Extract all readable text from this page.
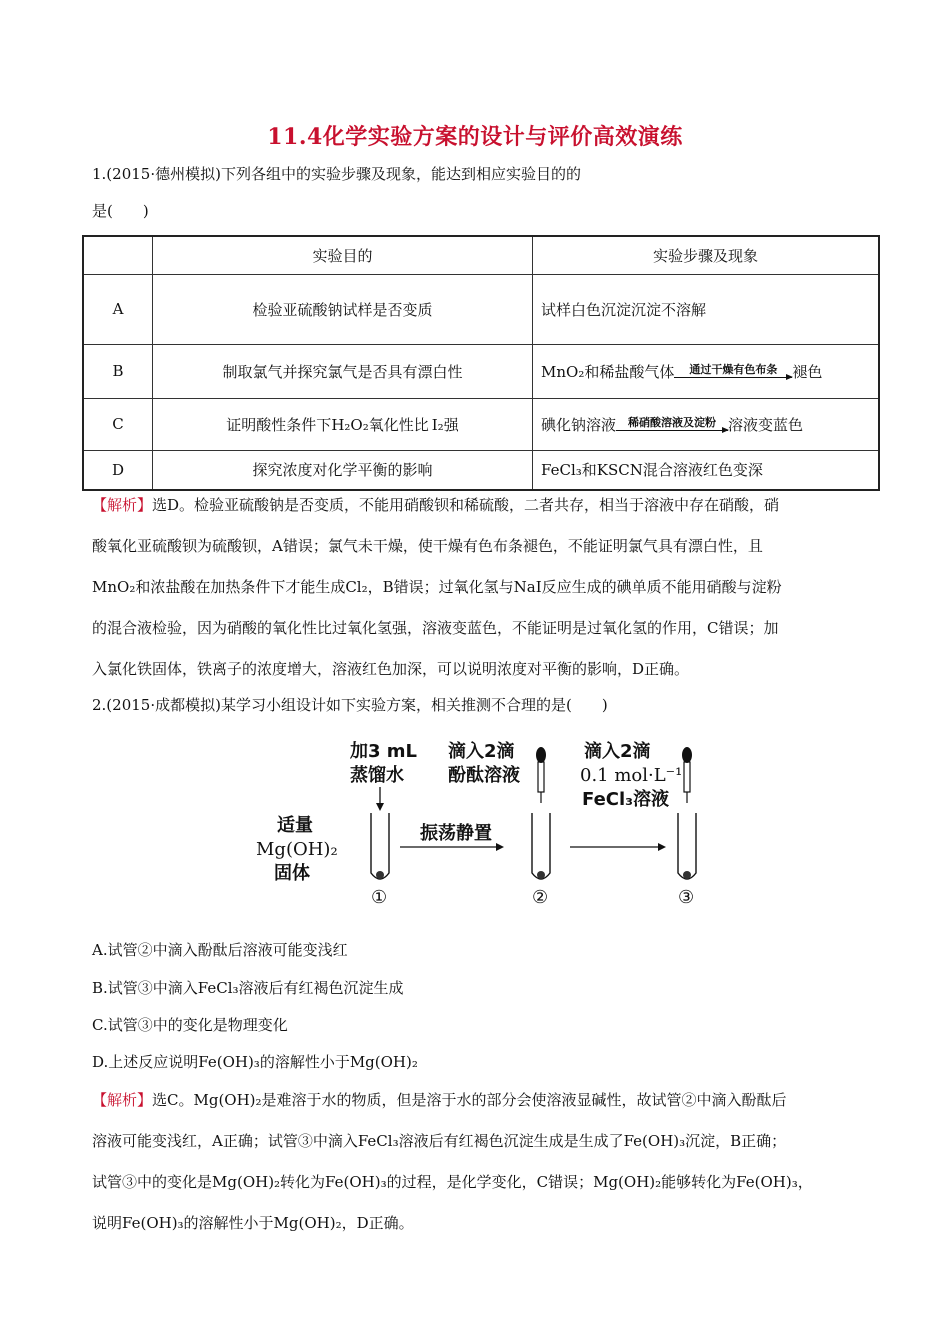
11.4化学实验方案的设计与评价高效演练
1.(2015·德州模拟)下列各组中的实验步骤及现象，能达到相应实验目的的
是(　　)
	实验目的	实验步骤及现象
A	检验亚硫酸钠试样是否变质	试样白色沉淀沉淀不溶解
B	制取氯气并探究氯气是否具有漂白性	MnO₂和稀盐酸气体 通过干燥有色布条 褪色
C	证明酸性条件下H₂O₂氧化性比 I₂强	碘化钠溶液 稀硝酸溶液及淀粉 溶液变蓝色
D	探究浓度对化学平衡的影响	FeCl₃和KSCN混合溶液红色变深
【解析】选D。检验亚硫酸钠是否变质，不能用硝酸钡和稀硫酸，二者共存，相当于溶液中存在硝酸，硝
酸氧化亚硫酸钡为硫酸钡，A错误；氯气未干燥，使干燥有色布条褪色，不能证明氯气具有漂白性，且
MnO₂和浓盐酸在加热条件下才能生成Cl₂，B错误；过氧化氢与NaI反应生成的碘单质不能用硝酸与淀粉
的混合液检验，因为硝酸的氧化性比过氧化氢强，溶液变蓝色，不能证明是过氧化氢的作用，C错误；加
入氯化铁固体，铁离子的浓度增大，溶液红色加深，可以说明浓度对平衡的影响，D正确。
2.(2015·成都模拟)某学习小组设计如下实验方案，相关推测不合理的是(　　)
加3 mL
蒸馏水
适量
Mg(OH)₂
固体
滴入2滴
酚酞溶液
振荡静置
滴入2滴
0.1 mol·L⁻¹
FeCl₃溶液
①	②	③
A.试管②中滴入酚酞后溶液可能变浅红
B.试管③中滴入FeCl₃溶液后有红褐色沉淀生成
C.试管③中的变化是物理变化
D.上述反应说明Fe(OH)₃的溶解性小于Mg(OH)₂
【解析】选C。Mg(OH)₂是难溶于水的物质，但是溶于水的部分会使溶液显碱性，故试管②中滴入酚酞后
溶液可能变浅红，A正确；试管③中滴入FeCl₃溶液后有红褐色沉淀生成是生成了Fe(OH)₃沉淀，B正确；
试管③中的变化是Mg(OH)₂转化为Fe(OH)₃的过程，是化学变化，C错误；Mg(OH)₂能够转化为Fe(OH)₃，
说明Fe(OH)₃的溶解性小于Mg(OH)₂，D正确。
